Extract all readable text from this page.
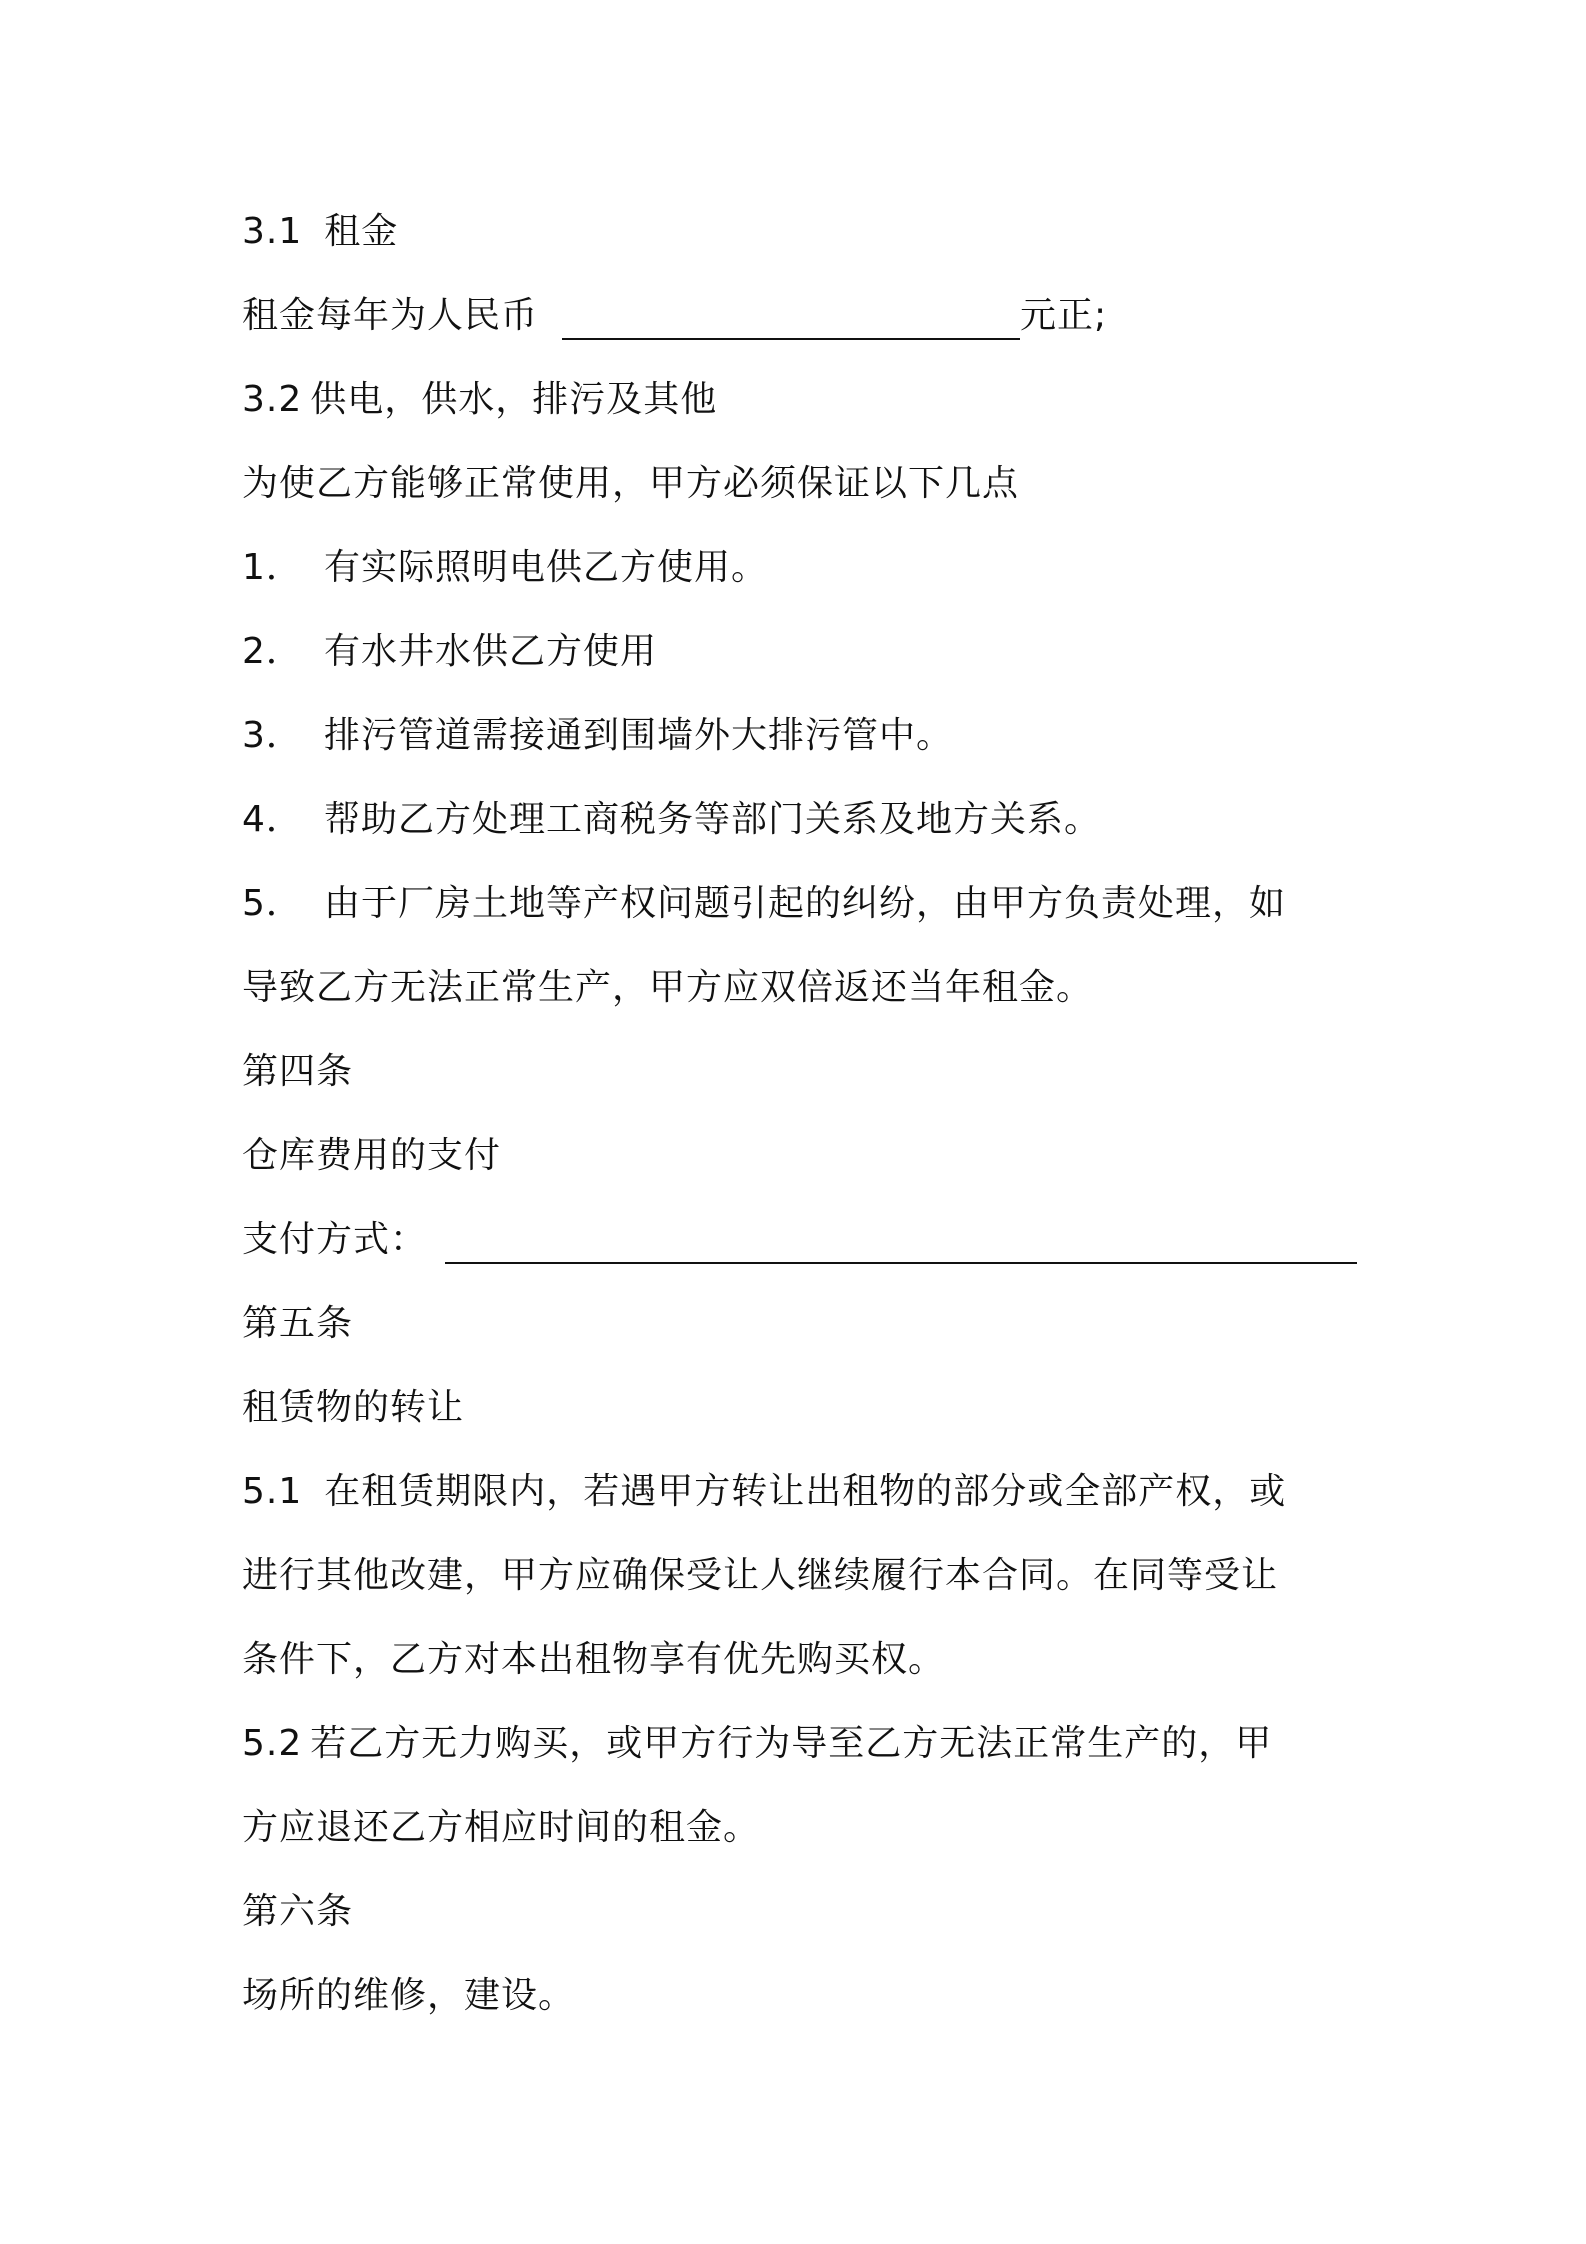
3.1 租金
租金每年为人民币	元正;
3.2 供电，供水，排污及其他
为使乙方能够正常使用，甲方必须保证以下几点
1． 有实际照明电供乙方使用。
2． 有水井水供乙方使用
3． 排污管道需接通到围墙外大排污管中。
4． 帮助乙方处理工商税务等部门关系及地方关系。
5． 由于厂房土地等产权问题引起的纠纷，由甲方负责处理，如
导致乙方无法正常生产，甲方应双倍返还当年租金。
第四条
仓库费用的支付
支付方式：
第五条
租赁物的转让
5.1 在租赁期限内，若遇甲方转让出租物的部分或全部产权，或
进行其他改建，甲方应确保受让人继续履行本合同。在同等受让
条件下，乙方对本出租物享有优先购买权。
5.2 若乙方无力购买，或甲方行为导至乙方无法正常生产的，甲
方应退还乙方相应时间的租金。
第六条
场所的维修，建设。
